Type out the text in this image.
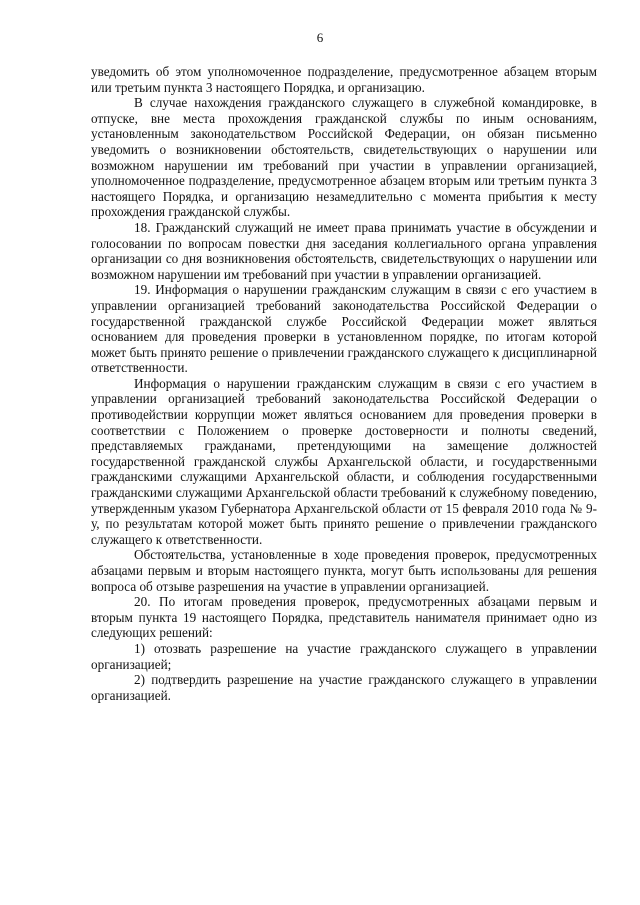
6

уведомить об этом уполномоченное подразделение, предусмотренное абзацем вторым или третьим пункта 3 настоящего Порядка, и организацию.

В случае нахождения гражданского служащего в служебной командировке, в отпуске, вне места прохождения гражданской службы по иным основаниям, установленным законодательством Российской Федерации, он обязан письменно уведомить о возникновении обстоятельств, свидетельствующих о нарушении или возможном нарушении им требований при участии в управлении организацией, уполномоченное подразделение, предусмотренное абзацем вторым или третьим пункта 3 настоящего Порядка, и организацию незамедлительно с момента прибытия к месту прохождения гражданской службы.

18. Гражданский служащий не имеет права принимать участие в обсуждении и голосовании по вопросам повестки дня заседания коллегиального органа управления организации со дня возникновения обстоятельств, свидетельствующих о нарушении или возможном нарушении им требований при участии в управлении организацией.

19. Информация о нарушении гражданским служащим в связи с его участием в управлении организацией требований законодательства Российской Федерации о государственной гражданской службе Российской Федерации может являться основанием для проведения проверки в установленном порядке, по итогам которой может быть принято решение о привлечении гражданского служащего к дисциплинарной ответственности.

Информация о нарушении гражданским служащим в связи с его участием в управлении организацией требований законодательства Российской Федерации о противодействии коррупции может являться основанием для проведения проверки в соответствии с Положением о проверке достоверности и полноты сведений, представляемых гражданами, претендующими на замещение должностей государственной гражданской службы Архангельской области, и государственными гражданскими служащими Архангельской области, и соблюдения государственными гражданскими служащими Архангельской области требований к служебному поведению, утвержденным указом Губернатора Архангельской области от 15 февраля 2010 года № 9-у, по результатам которой может быть принято решение о привлечении гражданского служащего к ответственности.

Обстоятельства, установленные в ходе проведения проверок, предусмотренных абзацами первым и вторым настоящего пункта, могут быть использованы для решения вопроса об отзыве разрешения на участие в управлении организацией.

20. По итогам проведения проверок, предусмотренных абзацами первым и вторым пункта 19 настоящего Порядка, представитель нанимателя принимает одно из следующих решений:

1) отозвать разрешение на участие гражданского служащего в управлении организацией;

2) подтвердить разрешение на участие гражданского служащего в управлении организацией.
